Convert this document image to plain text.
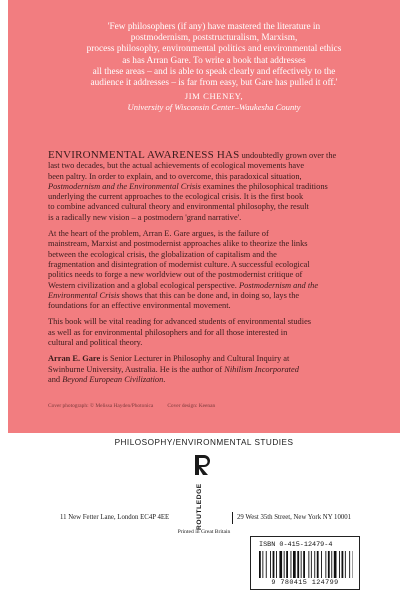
'Few philosophers (if any) have mastered the literature in
postmodernism, poststructuralism, Marxism,
process philosophy, environmental politics and environmental ethics
as has Arran Gare. To write a book that addresses
all these areas – and is able to speak clearly and effectively to the
audience it addresses – is far from easy, but Gare has pulled it off.'
JIM CHENEY,
University of Wisconsin Center–Waukesha County

ENVIRONMENTAL AWARENESS HAS undoubtedly grown over the
last two decades, but the actual achievements of ecological movements have
been paltry. In order to explain, and to overcome, this paradoxical situation,
Postmodernism and the Environmental Crisis examines the philosophical traditions
underlying the current approaches to the ecological crisis. It is the first book
to combine advanced cultural theory and environmental philosophy, the result
is a radically new vision – a postmodern 'grand narrative'.

At the heart of the problem, Arran E. Gare argues, is the failure of
mainstream, Marxist and postmodernist approaches alike to theorize the links
between the ecological crisis, the globalization of capitalism and the
fragmentation and disintegration of modernist culture. A successful ecological
politics needs to forge a new worldview out of the postmodernist critique of
Western civilization and a global ecological perspective. Postmodernism and the
Environmental Crisis shows that this can be done and, in doing so, lays the
foundations for an effective environmental movement.

This book will be vital reading for advanced students of environmental studies
as well as for environmental philosophers and for all those interested in
cultural and political theory.

Arran E. Gare is Senior Lecturer in Philosophy and Cultural Inquiry at
Swinburne University, Australia. He is the author of Nihilism Incorporated
and Beyond European Civilization.

Cover photograph: © Melissa Hayden/Photonica	Cover design: Keenan
PHILOSOPHY/ENVIRONMENTAL STUDIES
ROUTLEDGE
11 New Fetter Lane, London EC4P 4EE	29 West 35th Street, New York NY 10001
Printed in Great Britain
ISBN 0-415-12479-4
9 780415 124799
